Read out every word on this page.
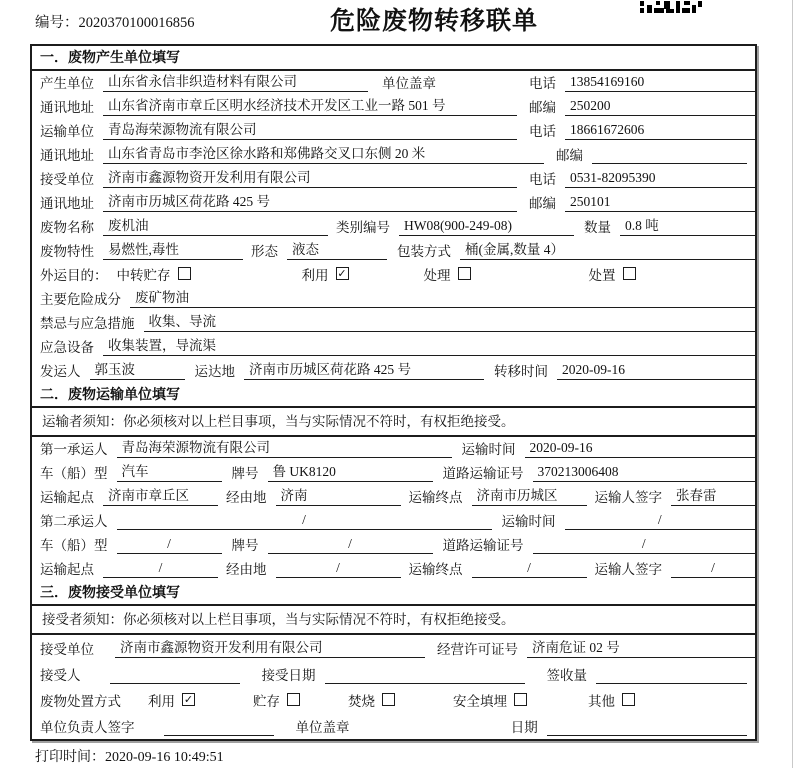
编号：2020370100016856	危险废物转移联单
一．废物产生单位填写
产生单位	山东省永信非织造材料有限公司	单位盖章	电话	13854169160
通讯地址	山东省济南市章丘区明水经济技术开发区工业一路 501 号	邮编	250200
运输单位	青岛海荣源物流有限公司	电话	18661672606
通讯地址	山东省青岛市李沧区徐水路和郑佛路交叉口东侧 20 米	邮编
接受单位	济南市鑫源物资开发利用有限公司	电话	0531-82095390
通讯地址	济南市历城区荷花路 425 号	邮编	250101
废物名称	废机油	类别编号	HW08(900-249-08)	数量	0.8 吨
废物特性	易燃性,毒性	形态	液态	包装方式	桶(金属,数量 4）
外运目的： 中转贮存	利用 ✓	处理	处置
主要危险成分	废矿物油
禁忌与应急措施	收集、导流
应急设备	收集装置，导流渠
发运人	郭玉波	运达地	济南市历城区荷花路 425 号	转移时间	2020-09-16
二．废物运输单位填写
运输者须知：你必须核对以上栏目事项，当与实际情况不符时，有权拒绝接受。
第一承运人	青岛海荣源物流有限公司	运输时间	2020-09-16
车（船）型	汽车	牌号	鲁 UK8120	道路运输证号	370213006408
运输起点	济南市章丘区	经由地	济南	运输终点	济南市历城区	运输人签字	张春雷
第二承运人	/	运输时间	/
车（船）型	/	牌号	/	道路运输证号	/
运输起点	/	经由地	/	运输终点	/	运输人签字	/
三．废物接受单位填写
接受者须知：你必须核对以上栏目事项，当与实际情况不符时，有权拒绝接受。
接受单位	济南市鑫源物资开发利用有限公司	经营许可证号	济南危证 02 号
接受人	接受日期	签收量
废物处置方式	利用 ✓	贮存	焚烧	安全填埋	其他
单位负责人签字	单位盖章	日期
打印时间：2020-09-16 10:49:51
